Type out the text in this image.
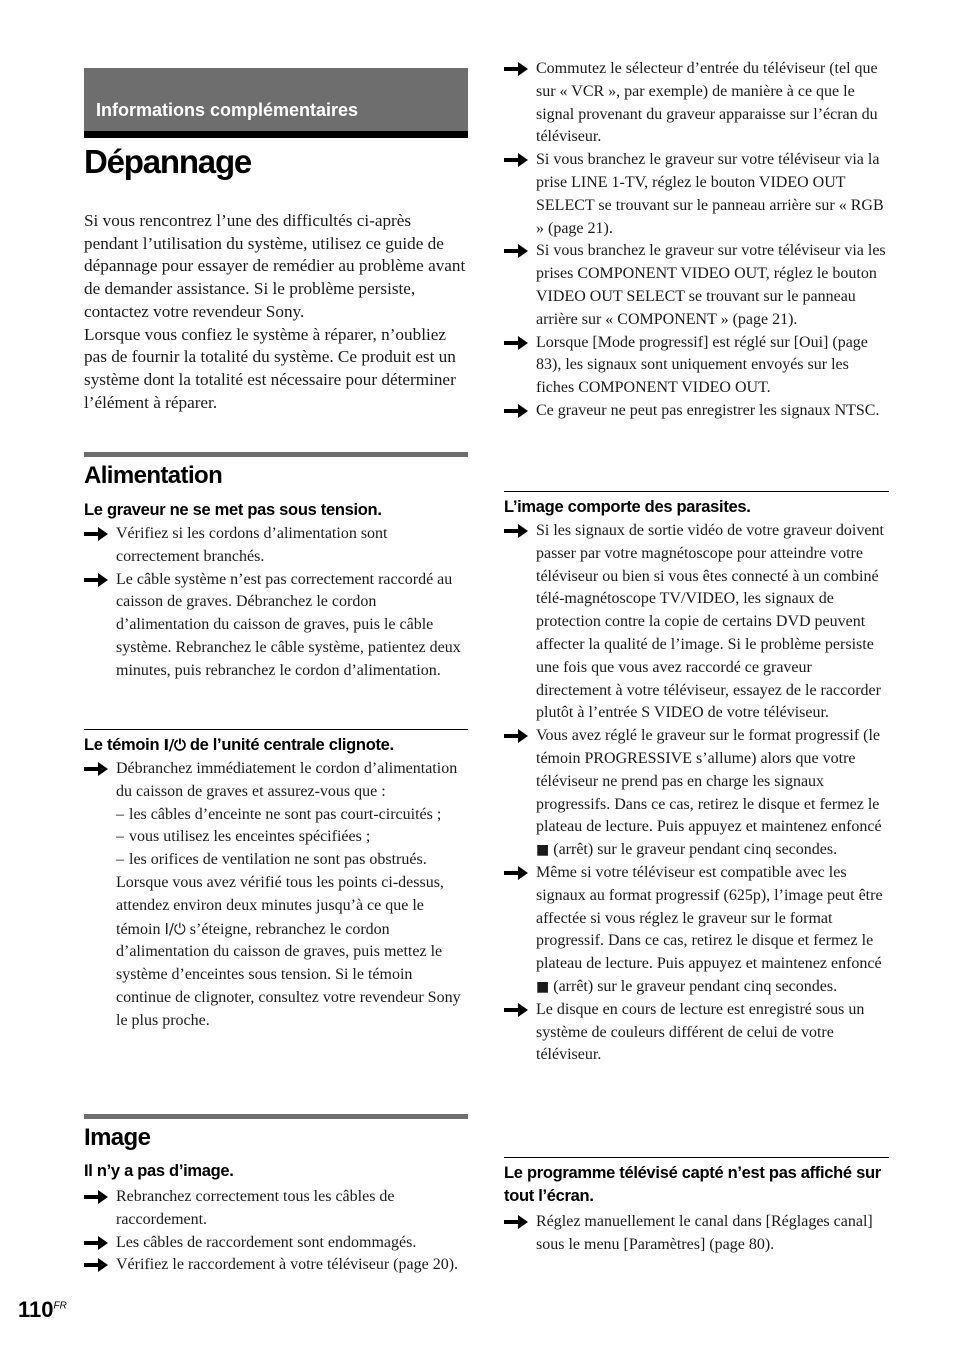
Informations complémentaires
Dépannage

Si vous rencontrez l’une des difficultés ci-après pendant l’utilisation du système, utilisez ce guide de dépannage pour essayer de remédier au problème avant de demander assistance. Si le problème persiste, contactez votre revendeur Sony.

Lorsque vous confiez le système à réparer, n’oubliez pas de fournir la totalité du système. Ce produit est un système dont la totalité est nécessaire pour déterminer l’élément à réparer.

Alimentation
Le graveur ne se met pas sous tension.
Vérifiez si les cordons d’alimentation sont correctement branchés.
Le câble système n’est pas correctement raccordé au caisson de graves. Débranchez le cordon d’alimentation du caisson de graves, puis le câble système. Rebranchez le câble système, patientez deux minutes, puis rebranchez le cordon d’alimentation.
Le témoin I/⏻ de l’unité centrale clignote.
Débranchez immédiatement le cordon d’alimentation du caisson de graves et assurez-vous que :
– les câbles d’enceinte ne sont pas court-circuités ;
– vous utilisez les enceintes spécifiées ;
– les orifices de ventilation ne sont pas obstrués.
Lorsque vous avez vérifié tous les points ci-dessus, attendez environ deux minutes jusqu’à ce que le témoin I/⏻ s’éteigne, rebranchez le cordon d’alimentation du caisson de graves, puis mettez le système d’enceintes sous tension. Si le témoin continue de clignoter, consultez votre revendeur Sony le plus proche.
Image
Il n’y a pas d’image.
Rebranchez correctement tous les câbles de raccordement.
Les câbles de raccordement sont endommagés.
Vérifiez le raccordement à votre téléviseur (page 20).
Commutez le sélecteur d’entrée du téléviseur (tel que sur « VCR », par exemple) de manière à ce que le signal provenant du graveur apparaisse sur l’écran du téléviseur.
Si vous branchez le graveur sur votre téléviseur via la prise LINE 1-TV, réglez le bouton VIDEO OUT SELECT se trouvant sur le panneau arrière sur « RGB » (page 21).
Si vous branchez le graveur sur votre téléviseur via les prises COMPONENT VIDEO OUT, réglez le bouton VIDEO OUT SELECT se trouvant sur le panneau arrière sur « COMPONENT » (page 21).
Lorsque [Mode progressif] est réglé sur [Oui] (page 83), les signaux sont uniquement envoyés sur les fiches COMPONENT VIDEO OUT.
Ce graveur ne peut pas enregistrer les signaux NTSC.
L’image comporte des parasites.
Si les signaux de sortie vidéo de votre graveur doivent passer par votre magnétoscope pour atteindre votre téléviseur ou bien si vous êtes connecté à un combiné télé-magnétoscope TV/VIDEO, les signaux de protection contre la copie de certains DVD peuvent affecter la qualité de l’image. Si le problème persiste une fois que vous avez raccordé ce graveur directement à votre téléviseur, essayez de le raccorder plutôt à l’entrée S VIDEO de votre téléviseur.
Vous avez réglé le graveur sur le format progressif (le témoin PROGRESSIVE s’allume) alors que votre téléviseur ne prend pas en charge les signaux progressifs. Dans ce cas, retirez le disque et fermez le plateau de lecture. Puis appuyez et maintenez enfoncé ■ (arrêt) sur le graveur pendant cinq secondes.
Même si votre téléviseur est compatible avec les signaux au format progressif (625p), l’image peut être affectée si vous réglez le graveur sur le format progressif. Dans ce cas, retirez le disque et fermez le plateau de lecture. Puis appuyez et maintenez enfoncé ■ (arrêt) sur le graveur pendant cinq secondes.
Le disque en cours de lecture est enregistré sous un système de couleurs différent de celui de votre téléviseur.
Le programme télévisé capté n’est pas affiché sur tout l’écran.
Réglez manuellement le canal dans [Réglages canal] sous le menu [Paramètres] (page 80).
$110^{FR}$
